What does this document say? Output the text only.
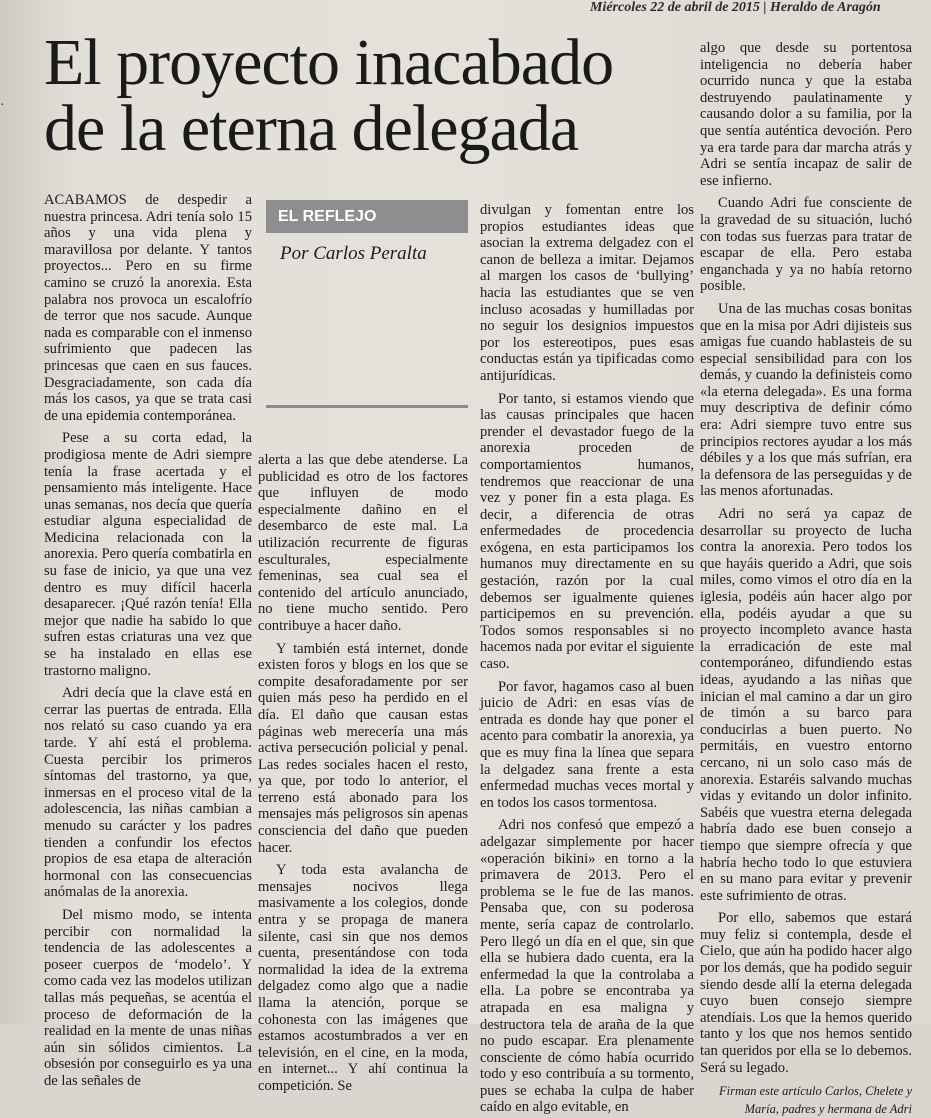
·
Miércoles 22 de abril de 2015 | Heraldo de Aragón
El proyecto inacabado
de la eterna delegada
EL REFLEJO
Por Carlos Peralta

ACABAMOS de despedir a nuestra princesa. Adri tenía solo 15 años y una vida plena y maravillosa por delante. Y tantos proyectos... Pero en su firme camino se cruzó la anorexia. Esta palabra nos provoca un escalofrío de terror que nos sacude. Aunque nada es comparable con el inmenso sufrimiento que padecen las princesas que caen en sus fauces. Desgraciadamente, son cada día más los casos, ya que se trata casi de una epidemia contemporánea.

Pese a su corta edad, la prodigiosa mente de Adri siempre tenía la frase acertada y el pensamiento más inteligente. Hace unas semanas, nos decía que quería estudiar alguna especialidad de Medicina relacionada con la anorexia. Pero quería combatirla en su fase de inicio, ya que una vez dentro es muy difícil hacerla desaparecer. ¡Qué razón tenía! Ella mejor que nadie ha sabido lo que sufren estas criaturas una vez que se ha instalado en ellas ese trastorno maligno.

Adri decía que la clave está en cerrar las puertas de entrada. Ella nos relató su caso cuando ya era tarde. Y ahí está el problema. Cuesta percibir los primeros síntomas del trastorno, ya que, inmersas en el proceso vital de la adolescencia, las niñas cambian a menudo su carácter y los padres tienden a confundir los efectos propios de esa etapa de alteración hormonal con las consecuencias anómalas de la anorexia.

Del mismo modo, se intenta percibir con normalidad la tendencia de las adolescentes a poseer cuerpos de ‘modelo’. Y como cada vez las modelos utilizan tallas más pequeñas, se acentúa el proceso de deformación de la realidad en la mente de unas niñas aún sin sólidos cimientos. La obsesión por conseguirlo es ya una de las señales de

alerta a las que debe atenderse. La publicidad es otro de los factores que influyen de modo especialmente dañino en el desembarco de este mal. La utilización recurrente de figuras esculturales, especialmente femeninas, sea cual sea el contenido del artículo anunciado, no tiene mucho sentido. Pero contribuye a hacer daño.

Y también está internet, donde existen foros y blogs en los que se compite desaforadamente por ser quien más peso ha perdido en el día. El daño que causan estas páginas web merecería una más activa persecución policial y penal. Las redes sociales hacen el resto, ya que, por todo lo anterior, el terreno está abonado para los mensajes más peligrosos sin apenas consciencia del daño que pueden hacer.

Y toda esta avalancha de mensajes nocivos llega masivamente a los colegios, donde entra y se propaga de manera silente, casi sin que nos demos cuenta, presentándose con toda normalidad la idea de la extrema delgadez como algo que a nadie llama la atención, porque se cohonesta con las imágenes que estamos acostumbrados a ver en televisión, en el cine, en la moda, en internet... Y ahí continua la competición. Se

divulgan y fomentan entre los propios estudiantes ideas que asocian la extrema delgadez con el canon de belleza a imitar. Dejamos al margen los casos de ‘bullying’ hacia las estudiantes que se ven incluso acosadas y humilladas por no seguir los designios impuestos por los estereotipos, pues esas conductas están ya tipificadas como antijurídicas.

Por tanto, si estamos viendo que las causas principales que hacen prender el devastador fuego de la anorexia proceden de comportamientos humanos, tendremos que reaccionar de una vez y poner fin a esta plaga. Es decir, a diferencia de otras enfermedades de procedencia exógena, en esta participamos los humanos muy directamente en su gestación, razón por la cual debemos ser igualmente quienes participemos en su prevención. Todos somos responsables si no hacemos nada por evitar el siguiente caso.

Por favor, hagamos caso al buen juicio de Adri: en esas vías de entrada es donde hay que poner el acento para combatir la anorexia, ya que es muy fina la línea que separa la delgadez sana frente a esta enfermedad muchas veces mortal y en todos los casos tormentosa.

Adri nos confesó que empezó a adelgazar simplemente por hacer «operación bikini» en torno a la primavera de 2013. Pero el problema se le fue de las manos. Pensaba que, con su poderosa mente, sería capaz de controlarlo. Pero llegó un día en el que, sin que ella se hubiera dado cuenta, era la enfermedad la que la controlaba a ella. La pobre se encontraba ya atrapada en esa maligna y destructora tela de araña de la que no pudo escapar. Era plenamente consciente de cómo había ocurrido todo y eso contribuía a su tormento, pues se echaba la culpa de haber caído en algo evitable, en

algo que desde su portentosa inteligencia no debería haber ocurrido nunca y que la estaba destruyendo paulatinamente y causando dolor a su familia, por la que sentía auténtica devoción. Pero ya era tarde para dar marcha atrás y Adri se sentía incapaz de salir de ese infierno.

Cuando Adri fue consciente de la gravedad de su situación, luchó con todas sus fuerzas para tratar de escapar de ella. Pero estaba enganchada y ya no había retorno posible.

Una de las muchas cosas bonitas que en la misa por Adri dijisteis sus amigas fue cuando hablasteis de su especial sensibilidad para con los demás, y cuando la definisteis como «la eterna delegada». Es una forma muy descriptiva de definir cómo era: Adri siempre tuvo entre sus principios rectores ayudar a los más débiles y a los que más sufrían, era la defensora de las perseguidas y de las menos afortunadas.

Adri no será ya capaz de desarrollar su proyecto de lucha contra la anorexia. Pero todos los que hayáis querido a Adri, que sois miles, como vimos el otro día en la iglesia, podéis aún hacer algo por ella, podéis ayudar a que su proyecto incompleto avance hasta la erradicación de este mal contemporáneo, difundiendo estas ideas, ayudando a las niñas que inician el mal camino a dar un giro de timón a su barco para conducirlas a buen puerto. No permitáis, en vuestro entorno cercano, ni un solo caso más de anorexia. Estaréis salvando muchas vidas y evitando un dolor infinito. Sabéis que vuestra eterna delegada habría dado ese buen consejo a tiempo que siempre ofrecía y que habría hecho todo lo que estuviera en su mano para evitar y prevenir este sufrimiento de otras.

Por ello, sabemos que estará muy feliz si contempla, desde el Cielo, que aún ha podido hacer algo por los demás, que ha podido seguir siendo desde allí la eterna delegada cuyo buen consejo siempre atendíais. Los que la hemos querido tanto y los que nos hemos sentido tan queridos por ella se lo debemos. Será su legado.

Firman este artículo Carlos, Chelete y
María, padres y hermana de Adri
